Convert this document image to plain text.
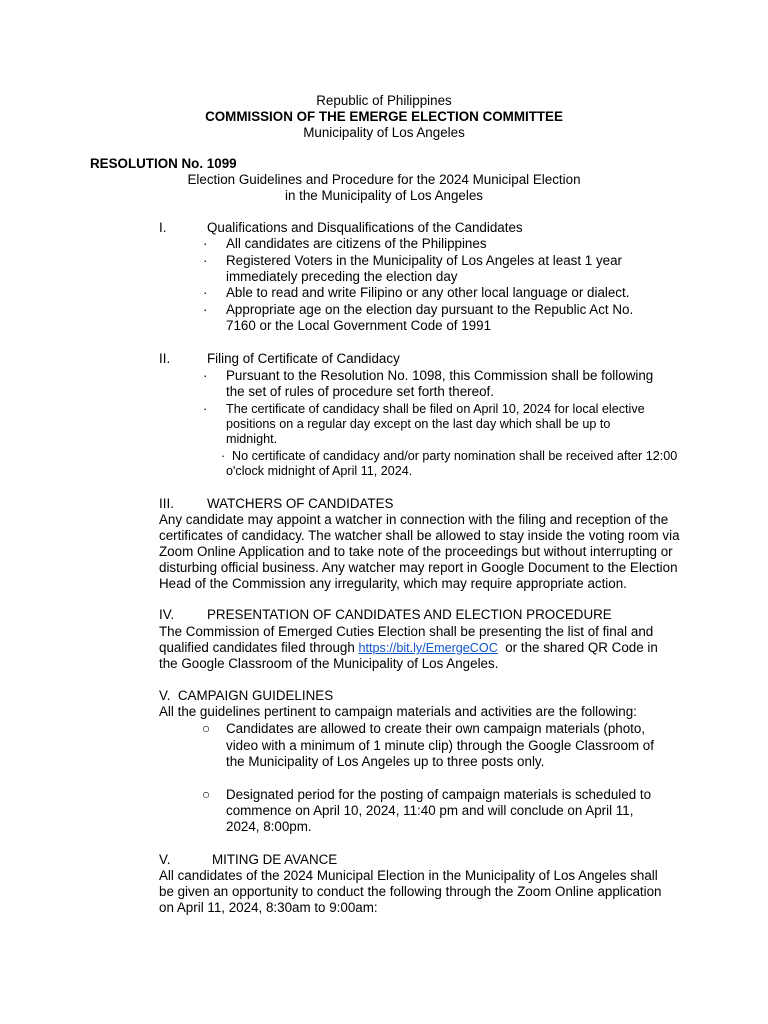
Republic of Philippines
COMMISSION OF THE EMERGE ELECTION COMMITTEE
Municipality of Los Angeles
RESOLUTION No. 1099
Election Guidelines and Procedure for the 2024 Municipal Election
in the Municipality of Los Angeles
I.	Qualifications and Disqualifications of the Candidates
· All candidates are citizens of the Philippines
· Registered Voters in the Municipality of Los Angeles at least 1 year
immediately preceding the election day
· Able to read and write Filipino or any other local language or dialect.
· Appropriate age on the election day pursuant to the Republic Act No.
7160 or the Local Government Code of 1991
II.	Filing of Certificate of Candidacy
· Pursuant to the Resolution No. 1098, this Commission shall be following
the set of rules of procedure set forth thereof.
· The certificate of candidacy shall be filed on April 10, 2024 for local elective
positions on a regular day except on the last day which shall be up to
midnight.
· No certificate of candidacy and/or party nomination shall be received after 12:00
o'clock midnight of April 11, 2024.
III. WATCHERS OF CANDIDATES
Any candidate may appoint a watcher in connection with the filing and reception of the
certificates of candidacy. The watcher shall be allowed to stay inside the voting room via
Zoom Online Application and to take note of the proceedings but without interrupting or
disturbing official business. Any watcher may report in Google Document to the Election
Head of the Commission any irregularity, which may require appropriate action.
IV. PRESENTATION OF CANDIDATES AND ELECTION PROCEDURE
The Commission of Emerged Cuties Election shall be presenting the list of final and
qualified candidates filed through https://bit.ly/EmergeCOC  or the shared QR Code in
the Google Classroom of the Municipality of Los Angeles.
V.  CAMPAIGN GUIDELINES
All the guidelines pertinent to campaign materials and activities are the following:
○ Candidates are allowed to create their own campaign materials (photo,
video with a minimum of 1 minute clip) through the Google Classroom of
the Municipality of Los Angeles up to three posts only.
○ Designated period for the posting of campaign materials is scheduled to
commence on April 10, 2024, 11:40 pm and will conclude on April 11,
2024, 8:00pm.
V.	MITING DE AVANCE
All candidates of the 2024 Municipal Election in the Municipality of Los Angeles shall
be given an opportunity to conduct the following through the Zoom Online application
on April 11, 2024, 8:30am to 9:00am:
